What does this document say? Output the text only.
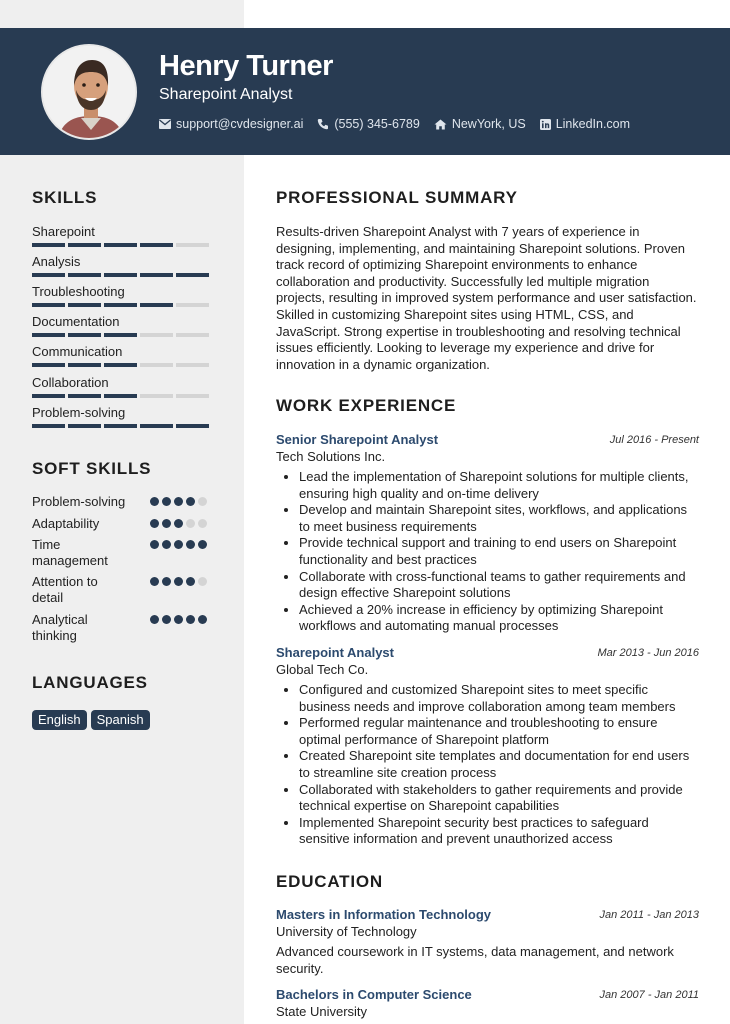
Henry Turner
Sharepoint Analyst
support@cvdesigner.ai (555) 345-6789	NewYork, US LinkedIn.com
SKILLS
Sharepoint
Analysis
Troubleshooting
Documentation
Communication
Collaboration
Problem-solving
SOFT SKILLS
Problem-solving
Adaptability
Time management
Attention to detail
Analytical thinking
LANGUAGES
English	Spanish
PROFESSIONAL SUMMARY
Results-driven Sharepoint Analyst with 7 years of experience in designing, implementing, and maintaining Sharepoint solutions. Proven track record of optimizing Sharepoint environments to enhance collaboration and productivity. Successfully led multiple migration projects, resulting in improved system performance and user satisfaction. Skilled in customizing Sharepoint sites using HTML, CSS, and JavaScript. Strong expertise in troubleshooting and resolving technical issues efficiently. Looking to leverage my experience and drive for innovation in a dynamic organization.
WORK EXPERIENCE
Senior Sharepoint Analyst	Jul 2016 - Present
Tech Solutions Inc.
• Lead the implementation of Sharepoint solutions for multiple clients, ensuring high quality and on-time delivery
• Develop and maintain Sharepoint sites, workflows, and applications to meet business requirements
• Provide technical support and training to end users on Sharepoint functionality and best practices
• Collaborate with cross-functional teams to gather requirements and design effective Sharepoint solutions
• Achieved a 20% increase in efficiency by optimizing Sharepoint workflows and automating manual processes
Sharepoint Analyst	Mar 2013 - Jun 2016
Global Tech Co.
• Configured and customized Sharepoint sites to meet specific business needs and improve collaboration among team members
• Performed regular maintenance and troubleshooting to ensure optimal performance of Sharepoint platform
• Created Sharepoint site templates and documentation for end users to streamline site creation process
• Collaborated with stakeholders to gather requirements and provide technical expertise on Sharepoint capabilities
• Implemented Sharepoint security best practices to safeguard sensitive information and prevent unauthorized access
EDUCATION
Masters in Information Technology	Jan 2011 - Jan 2013
University of Technology
Advanced coursework in IT systems, data management, and network security.
Bachelors in Computer Science	Jan 2007 - Jan 2011
State University
